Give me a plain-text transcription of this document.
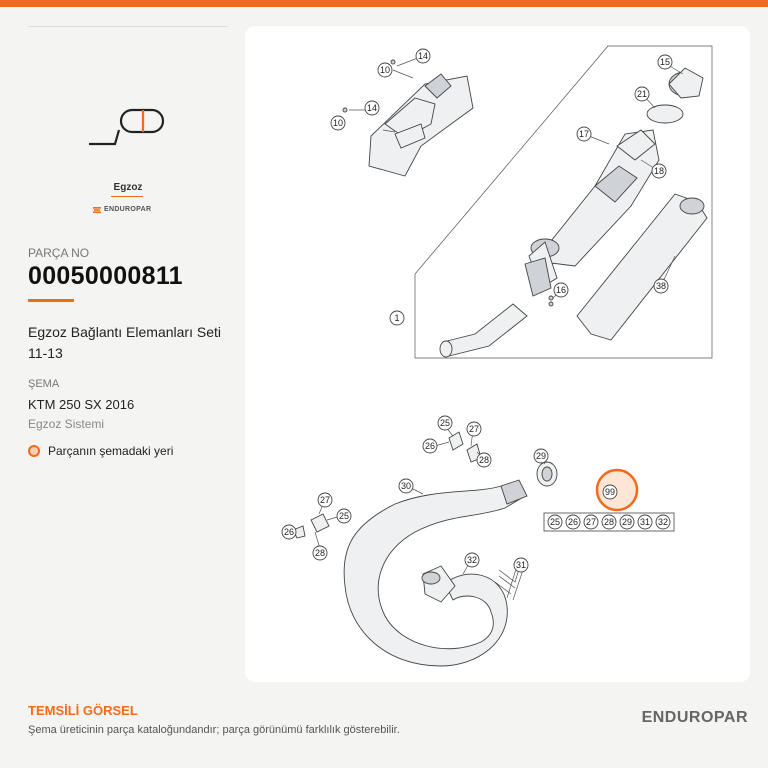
Egzoz
ENDUROPAR
PARÇA NO
00050000811
Egzoz Bağlantı Elemanları Seti 11-13
ŞEMA
KTM 250 SX 2016
Egzoz Sistemi
Parçanın şemadaki yeri
14
10
14
10
15
21
17
18
1
16	38
25
27
26
28	29
30
27
25
26
28
32	31
99
25 26 27 28 29 31 32
TEMSİLİ GÖRSEL
Şema üreticinin parça kataloğundandır; parça görünümü farklılık gösterebilir.
ENDUROPAR
